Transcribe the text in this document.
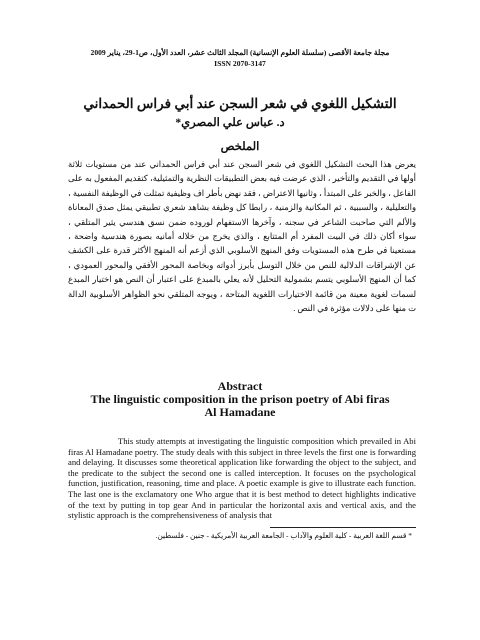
مجلة جامعة الأقصى (سلسلة العلوم الإنسانية) المجلد الثالث عشر، العدد الأول، ص1-29، يناير 2009
ISSN 2070-3147
التشكيل اللغوي في شعر السجن عند أبي فراس الحمداني
د. عباس علي المصري*
الملخص

يعرض هذا البحث التشكيل اللغوي في شعر السجن عند أبي فراس الحمداني عند من مستويات ثلاثة أولها في التقديم والتأخير ، الذي عرضت فيه بعض التطبيقات النظرية والتمثيلية، كتقديم المفعول به على الفاعل ، والخبر على المبتدأ ، وثانيها الاعتراض ، فقد نهض بأطر اف وظيفية تمثلت في الوظيفة النفسية ، والتعليلية ، والسببية ، ثم المكانية والزمنية ، رابطا كل وظيفة بشاهد شعري تطبيقي يمثل صدق المعاناة والألم التي صاحبت الشاعر في سجنه ، وآخرها الاستفهام لوروده ضمن نسق هندسي يثير المتلقي ، سواء أكان ذلك في البيت المفرد أم المتتابع ، والذي يخرج من خلاله أمانيه بصورة هندسية واضحة ، مستعينا في طرح هذه المستويات وفق المنهج الأسلوبي الذي أزعم أنه المنهج الأكثر قدرة على الكشف عن الإشراقات الدلالية للنص من خلال التوسل بأبرز أدواته وبخاصة المحور الأفقي والمحور العمودي ، كما أن المنهج الأسلوبي يتسم بشمولية التحليل لأنه يعلي بالمبدع على اعتبار أن النص هو اختيار المبدع لسمات لغوية معينة من قائمة الاختيارات اللغوية المتاحة ، ويوجه المتلقي نحو الظواهر الأسلوبية الدالة ت منها على دلالات مؤثرة في النص .

Abstract
The linguistic composition in the prison poetry of Abi firas
Al Hamadane

This study attempts at investigating the linguistic composition which prevailed in Abi firas Al Hamadane poetry. The study deals with this subject in three levels the first one is forwarding and delaying. It discusses some theoretical application like forwarding the object to the subject, and the predicate to the subject the second one is called interception. It focuses on the psychological function, justification, reasoning, time and place. A poetic example is give to illustrate each function. The last one is the exclamatory one Who argue that it is best method to detect highlights indicative of the text by putting in top gear And in particular the horizontal axis and vertical axis, and the stylistic approach is the comprehensiveness of analysis that

* قسم اللغة العربية - كلية العلوم والآداب - الجامعة العربية الأمريكية - جنين - فلسطين.
